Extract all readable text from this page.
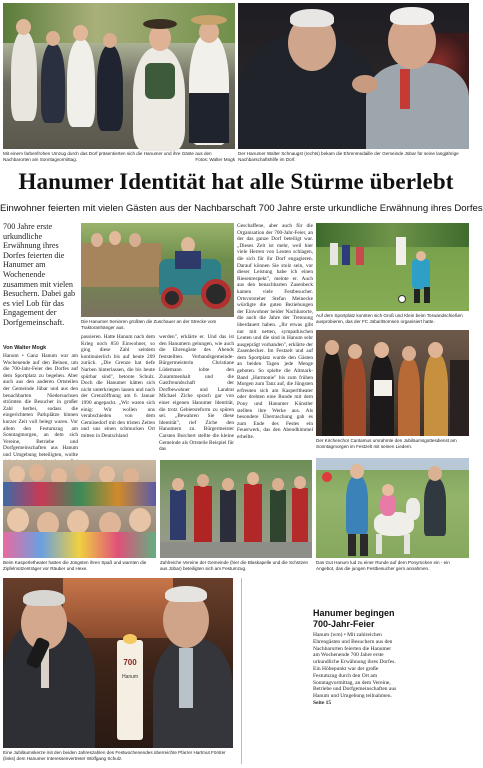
Mit einem farbenfrohen Umzug durch das Dorf präsentierten sich die Hanumer und ihre Gäste aus den Nachbarorten am Sonntagvormittag.	Fotos: Walter Mogk
Der Hanumer Walter Schnaugst (rechts) bekam die Ehrenmedaille der Gemeinde Jübar für seine langjährige Nachbarschaftshilfe im Dorf.
Hanumer Identität hat alle Stürme überlebt
Einwohner feierten mit vielen Gästen aus der Nachbarschaft 700 Jahre erste urkundliche Erwähnung ihres Dorfes
700 Jahre erste urkundliche Erwähnung ihres Dorfes feierten die Hanumer am Wochenende zusammen mit vielen Besuchern. Dabei gab es viel Lob für das Engagement der Dorfgemeinschaft.
Von Walter Mogk
Hanum • Ganz Hanum war am Wochenende auf den Beinen, um die 700-Jahr-Feier des Dorfes auf dem Sportplatz zu begehen. Aber auch aus den anderen Ortsteilen der Gemeinde Jübar und aus den benachbarten Niedersachsen strömten die Besucher in großer Zahl herbei, sodass die eingerichteten Parkplätze binnen kurzer Zeit voll belegt waren. Vor allem den Festumzug am Sonntagmorgen, an dem sich Vereine, Betriebe und Dorfgemeinschaften aus Hanum und Umgebung beteiligten, wollte
Die Hanumer Senioren grüßten die Zuschauer an der Strecke vom Traktoranhänger aus.
passieren. Hatte Hanum nach dem Krieg noch 850 Einwohner, so ging diese Zahl seitdem kontinuierlich bis auf heute 209 zurück. „Die Grenze hat tiefe Narben hinterlassen, die bis heute spürbar sind", betonte Schulz. Doch die Hanumer hätten sich nicht unterkriegen lassen und nach der Grenzöffnung am 6. Januar 1990 angepackt. „Wir waren sich einig: Wir wollen uns verabschieden von dem Gemüsedorf mit den tristen Zeiten und uns einen schmucken Ort mitten in Deutschland
werden", erklärte er. Und das ist den Hanumern gelungen, wie auch die Ehrengäste des Abends feststellten. Verbandsgemeinde-Bürgermeisterin Christiane Lüdemann lobte den Zusammenhalt und die Gastfreundschaft der Dorfbewohner und Landrat Michael Ziche sprach gar von einer eigenen Hanumer Identität, die trotz Gebietsreform zu spüren sei. „Bewahren Sie diese Identität", rief Ziche den Hanumern zu. Bürgermeister Carsten Borchert stellte die kleine Gemeinde als Ortsteile Beispiel für das
Geschaffene, aber auch für die Organisation der 700-Jahr-Feier, an der das ganze Dorf beteiligt war. „Dieses Zelt ist mehr, weil hier viele Herren von Leuten schlagen, die sich für ihr Dorf engagieren. Darauf können Sie stolz sein, vor dieser Leistung habe ich einen Riesenrespekt", meinte er. Auch aus den benachbarten Zasenbeck kamen viele Festbesucher. Ortsvorsteher Stefan Meinecke würdigte die guten Beziehungen der Einwohner beider Nachbarorte, die auch die Jahre der Trennung überdauert haben. „Ihr etwas gibt nur mit netten, sympathischen Leuten und die sind in Hanum sehr ausgeprägt vorhanden", erklärte der Zasenbecker. Im Festzelt und auf dem Sportplatz wurde den Gästen an beiden Tagen jede Menge geboten. So spielte die Altmark-Band „Harmonie" bis zum frühen Morgen zum Tanz auf, die Jüngsten erfreuten sich am Kasperltheater oder drehten eine Runde mit dem Pony und Hanumer Künstler stellten ihre Werke aus. Als besondere Überraschung gab es zum Ende des Festes ein Feuerwerk, das den Abendhimmel erhellte.
Auf dem Sportplatz konnten sich Groß und Klein beim Torwandschießen ausprobieren, das der FC Jübar/Bornsen organisiert hatte.
Der Kirchenchor Cantamus umrahmte den Jubiläumsgottesdienst am Sonntagmorgen im Festzelt mit seinen Liedern.
Beim Kasperletheater hatten die Jüngsten ihren Spaß und warnten die Zipfelmützenträger vor Räuber und Hexe.
Zahlreiche Vereine der Gemeinde (hier die Blaskapelle und die Schützen aus Jübar) beteiligten sich am Festumzug.
Das Gut Hanum lud zu einer Runde auf dem Ponyrücken ein - ein Angebot, das die jungen Festbesucher gern annahmen.
700
Hanum
Eine Jubiläumskerze mit den beiden Jahreszahlen des Festwochenendes überreichte Pfarrer Hartmut Förster (links) dem Hanumer Interessenvertreter Wolfgang Schulz.
Hanumer begingen 700-Jahr-Feier
Hanum (wm) • Mit zahlreichen Ehrengästen und Besuchern aus den Nachbarorten feierten die Hanumer am Wochenende 700 Jahre erste urkundliche Erwähnung ihres Dorfes. Ein Höhepunkt war der große Festumzug durch den Ort am Sonntagvormittag, an dem Vereine, Betriebe und Dorfgemeinschaften aus Hanum und Umgebung teilnahmen. Seite 15
